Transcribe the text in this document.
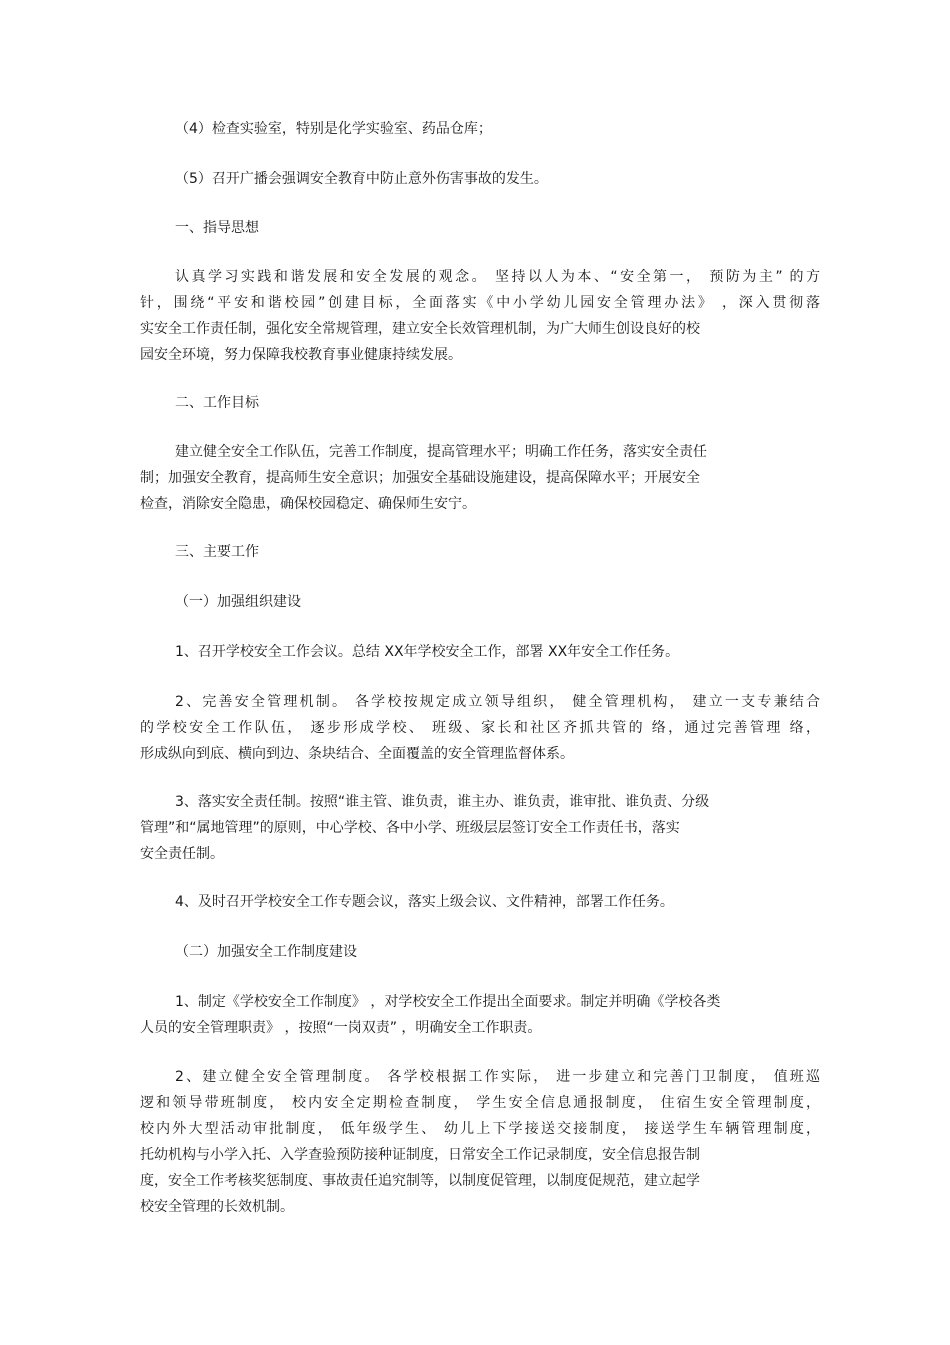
（4）检查实验室，特别是化学实验室、药品仓库；
（5）召开广播会强调安全教育中防止意外伤害事故的发生。
一、指导思想
认真学习实践和谐发展和安全发展的观念。 坚持以人为本、“安全第一， 预防为主” 的方
针，围绕“平安和谐校园”创建目标，全面落实《中小学幼儿园安全管理办法》 ，深入贯彻落
实安全工作责任制，强化安全常规管理，建立安全长效管理机制，为广大师生创设良好的校
园安全环境，努力保障我校教育事业健康持续发展。
二、工作目标
建立健全安全工作队伍，完善工作制度，提高管理水平；明确工作任务，落实安全责任
制；加强安全教育，提高师生安全意识；加强安全基础设施建设，提高保障水平；开展安全
检查，消除安全隐患，确保校园稳定、确保师生安宁。
三、主要工作
（一）加强组织建设
1、召开学校安全工作会议。总结 XX年学校安全工作，部署 XX年安全工作任务。
2、完善安全管理机制。 各学校按规定成立领导组织， 健全管理机构， 建立一支专兼结合
的学校安全工作队伍， 逐步形成学校、 班级、家长和社区齐抓共管的 络，通过完善管理 络，
形成纵向到底、横向到边、条块结合、全面覆盖的安全管理监督体系。
3、落实安全责任制。按照“谁主管、谁负责，谁主办、谁负责，谁审批、谁负责、分级
管理”和“属地管理”的原则，中心学校、各中小学、班级层层签订安全工作责任书，落实
安全责任制。
4、及时召开学校安全工作专题会议，落实上级会议、文件精神，部署工作任务。
（二）加强安全工作制度建设
1、制定《学校安全工作制度》 ，对学校安全工作提出全面要求。制定并明确《学校各类
人员的安全管理职责》 ，按照“一岗双责” ，明确安全工作职责。
2、建立健全安全管理制度。 各学校根据工作实际， 进一步建立和完善门卫制度， 值班巡
逻和领导带班制度， 校内安全定期检查制度， 学生安全信息通报制度， 住宿生安全管理制度，
校内外大型活动审批制度， 低年级学生、 幼儿上下学接送交接制度， 接送学生车辆管理制度，
托幼机构与小学入托、入学查验预防接种证制度，日常安全工作记录制度，安全信息报告制
度，安全工作考核奖惩制度、事故责任追究制等，以制度促管理，以制度促规范，建立起学
校安全管理的长效机制。
